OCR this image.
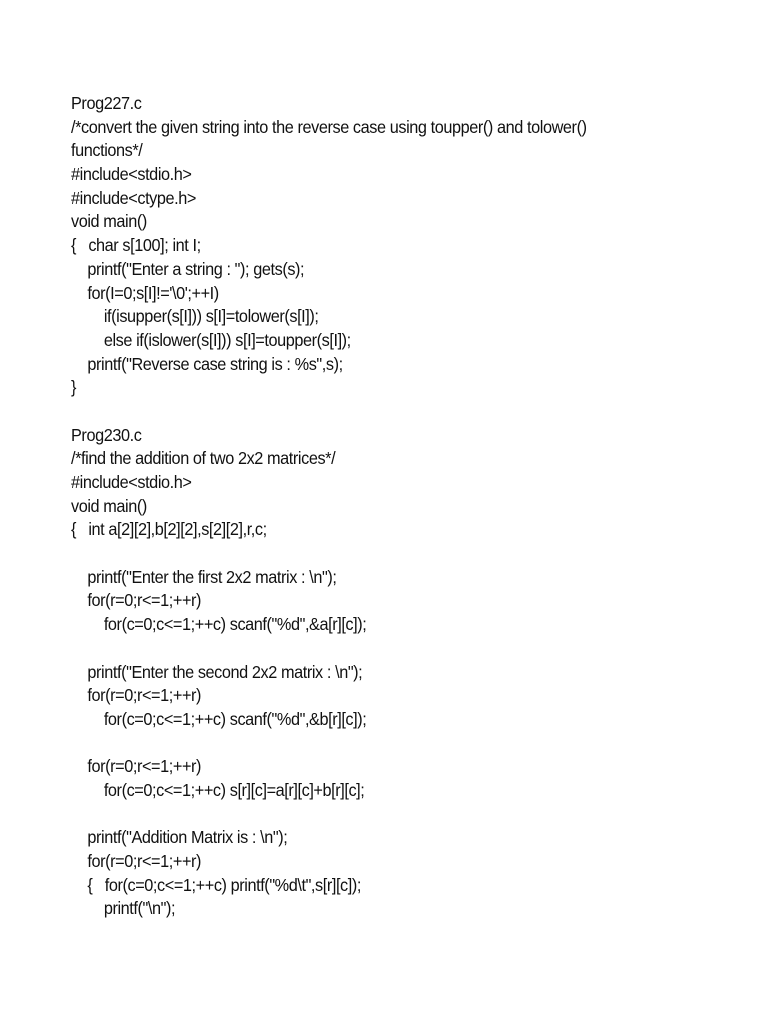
Prog227.c
/*convert the given string into the reverse case using toupper() and tolower()
functions*/
#include<stdio.h>
#include<ctype.h>
void main()
{   char s[100]; int I;
printf("Enter a string : "); gets(s);
for(I=0;s[I]!='\0';++I)
if(isupper(s[I])) s[I]=tolower(s[I]);
else if(islower(s[I])) s[I]=toupper(s[I]);
printf("Reverse case string is : %s",s);
}
Prog230.c
/*find the addition of two 2x2 matrices*/
#include<stdio.h>
void main()
{   int a[2][2],b[2][2],s[2][2],r,c;
printf("Enter the first 2x2 matrix : \n");
for(r=0;r<=1;++r)
for(c=0;c<=1;++c) scanf("%d",&a[r][c]);
printf("Enter the second 2x2 matrix : \n");
for(r=0;r<=1;++r)
for(c=0;c<=1;++c) scanf("%d",&b[r][c]);
for(r=0;r<=1;++r)
for(c=0;c<=1;++c) s[r][c]=a[r][c]+b[r][c];
printf("Addition Matrix is : \n");
for(r=0;r<=1;++r)
{   for(c=0;c<=1;++c) printf("%d\t",s[r][c]);
printf("\n");
